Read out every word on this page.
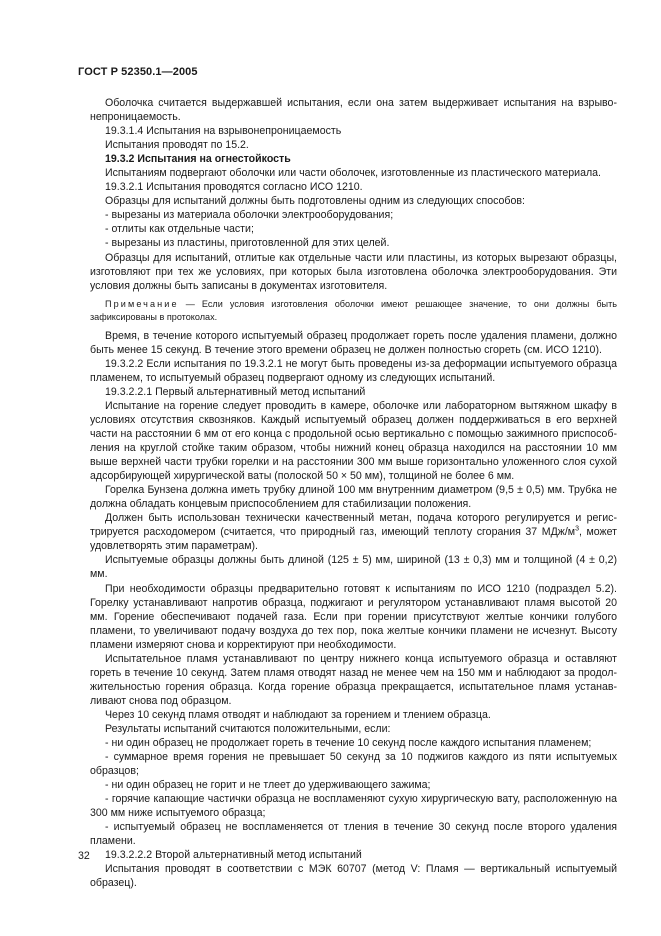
ГОСТ Р 52350.1—2005

Оболочка считается выдержавшей испытания, если она затем выдерживает испытания на взрывонепроницаемость.

19.3.1.4 Испытания на взрывонепроницаемость

Испытания проводят по 15.2.

19.3.2 Испытания на огнестойкость

Испытаниям подвергают оболочки или части оболочек, изготовленные из пластического материала.

19.3.2.1 Испытания проводятся согласно ИСО 1210.

Образцы для испытаний должны быть подготовлены одним из следующих способов:

- вырезаны из материала оболочки электрооборудования;

- отлиты как отдельные части;

- вырезаны из пластины, приготовленной для этих целей.

Образцы для испытаний, отлитые как отдельные части или пластины, из которых вырезают образцы, изготовляют при тех же условиях, при которых была изготовлена оболочка электрооборудования. Эти условия должны быть записаны в документах изготовителя.

Примечание — Если условия изготовления оболочки имеют решающее значение, то они должны быть зафиксированы в протоколах.

Время, в течение которого испытуемый образец продолжает гореть после удаления пламени, должно быть менее 15 секунд. В течение этого времени образец не должен полностью сгореть (см. ИСО 1210).

19.3.2.2 Если испытания по 19.3.2.1 не могут быть проведены из-за деформации испытуемого образца пламенем, то испытуемый образец подвергают одному из следующих испытаний.

19.3.2.2.1 Первый альтернативный метод испытаний

Испытание на горение следует проводить в камере, оболочке или лабораторном вытяжном шкафу в условиях отсутствия сквозняков. Каждый испытуемый образец должен поддерживаться в его верхней части на расстоянии 6 мм от его конца с продольной осью вертикально с помощью зажимного приспособления на круглой стойке таким образом, чтобы нижний конец образца находился на расстоянии 10 мм выше верхней части трубки горелки и на расстоянии 300 мм выше горизонтально уложенного слоя сухой адсорбирующей хирургической ваты (полоской 50 × 50 мм), толщиной не более 6 мм.

Горелка Бунзена должна иметь трубку длиной 100 мм внутренним диаметром (9,5 ± 0,5) мм. Трубка не должна обладать концевым приспособлением для стабилизации положения.

Должен быть использован технически качественный метан, подача которого регулируется и регистрируется расходомером (считается, что природный газ, имеющий теплоту сгорания 37 МДж/$м^3$, может удовлетворять этим параметрам).

Испытуемые образцы должны быть длиной (125 ± 5) мм, шириной (13 ± 0,3) мм и толщиной (4 ± 0,2) мм.

При необходимости образцы предварительно готовят к испытаниям по ИСО 1210 (подраздел 5.2). Горелку устанавливают напротив образца, поджигают и регулятором устанавливают пламя высотой 20 мм. Горение обеспечивают подачей газа. Если при горении присутствуют желтые кончики голубого пламени, то увеличивают подачу воздуха до тех пор, пока желтые кончики пламени не исчезнут. Высоту пламени измеряют снова и корректируют при необходимости.

Испытательное пламя устанавливают по центру нижнего конца испытуемого образца и оставляют гореть в течение 10 секунд. Затем пламя отводят назад не менее чем на 150 мм и наблюдают за продолжительностью горения образца. Когда горение образца прекращается, испытательное пламя устанавливают снова под образцом.

Через 10 секунд пламя отводят и наблюдают за горением и тлением образца.

Результаты испытаний считаются положительными, если:

- ни один образец не продолжает гореть в течение 10 секунд после каждого испытания пламенем;

- суммарное время горения не превышает 50 секунд за 10 поджигов каждого из пяти испытуемых образцов;

- ни один образец не горит и не тлеет до удерживающего зажима;

- горячие капающие частички образца не воспламеняют сухую хирургическую вату, расположенную на 300 мм ниже испытуемого образца;

- испытуемый образец не воспламеняется от тления в течение 30 секунд после второго удаления пламени.

19.3.2.2.2 Второй альтернативный метод испытаний

Испытания проводят в соответствии с МЭК 60707 (метод V: Пламя — вертикальный испытуемый образец).

32
